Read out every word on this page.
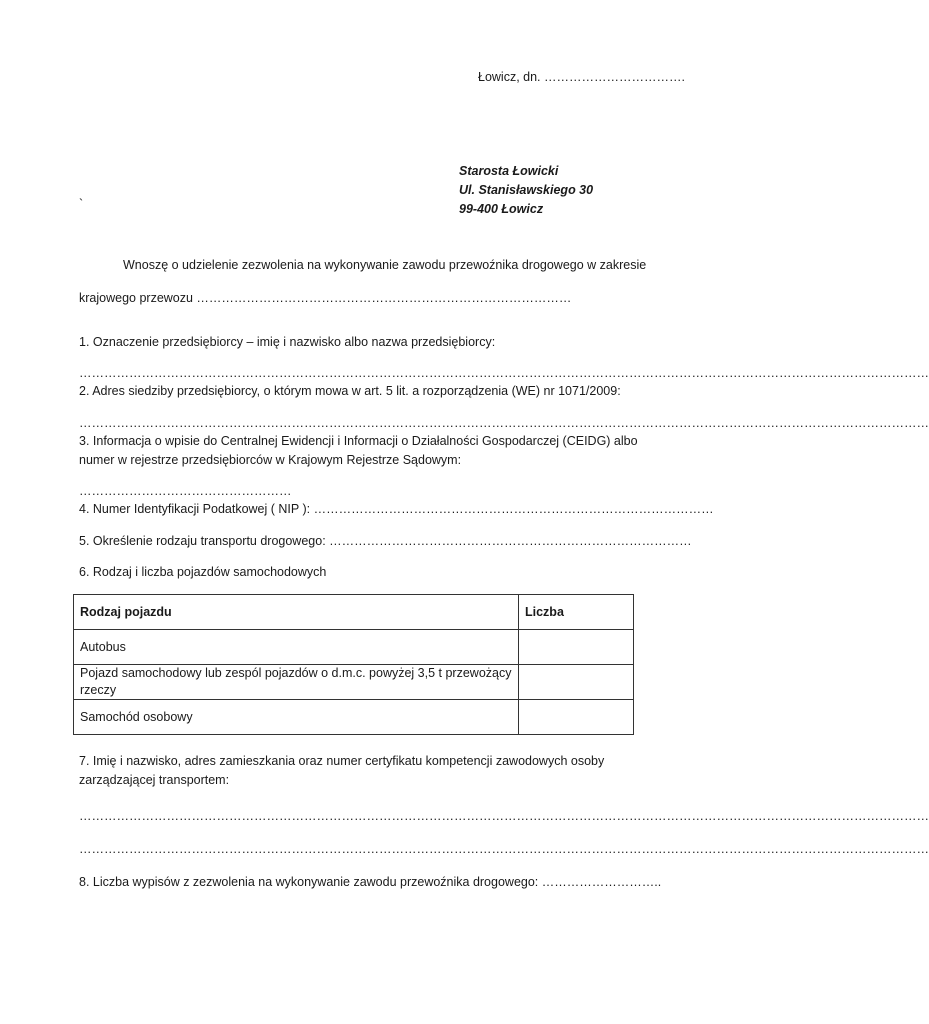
Łowicz, dn. …………………………….
Starosta Łowicki
Ul. Stanisławskiego 30
99-400 Łowicz
`
Wnoszę o udzielenie zezwolenia na wykonywanie zawodu przewoźnika drogowego w zakresie
krajowego przewozu ………………………………………………………………………………
1. Oznaczenie przedsiębiorcy – imię i nazwisko albo nazwa przedsiębiorcy:
……………………………………………………………………………………………………………………………………………………………………………………
2. Adres siedziby przedsiębiorcy, o którym mowa w art. 5 lit. a rozporządzenia (WE) nr 1071/2009:
……………………………………………………………………………………………………………………………………………………………………………………
3. Informacja o wpisie do Centralnej Ewidencji i Informacji o Działalności Gospodarczej (CEIDG) albo numer w rejestrze przedsiębiorców w Krajowym Rejestrze Sądowym:
……………………………………………
4. Numer Identyfikacji Podatkowej ( NIP ): ……………………………………………………………………………………
5. Określenie rodzaju transportu drogowego: ……………………………………………………………………………
6. Rodzaj i liczba pojazdów samochodowych
Rodzaj pojazdu	Liczba
Autobus	
Pojazd samochodowy lub zespól pojazdów o d.m.c. powyżej 3,5 t przewożący rzeczy	
Samochód osobowy	
7. Imię i nazwisko, adres zamieszkania oraz numer certyfikatu kompetencji zawodowych osoby zarządzającej transportem:
……………………………………………………………………………………………………………………………………………………………………………………
……………………………………………………………………………………………………………………………………………………………………………………
8. Liczba wypisów z zezwolenia na wykonywanie zawodu przewoźnika drogowego: ………………………..
